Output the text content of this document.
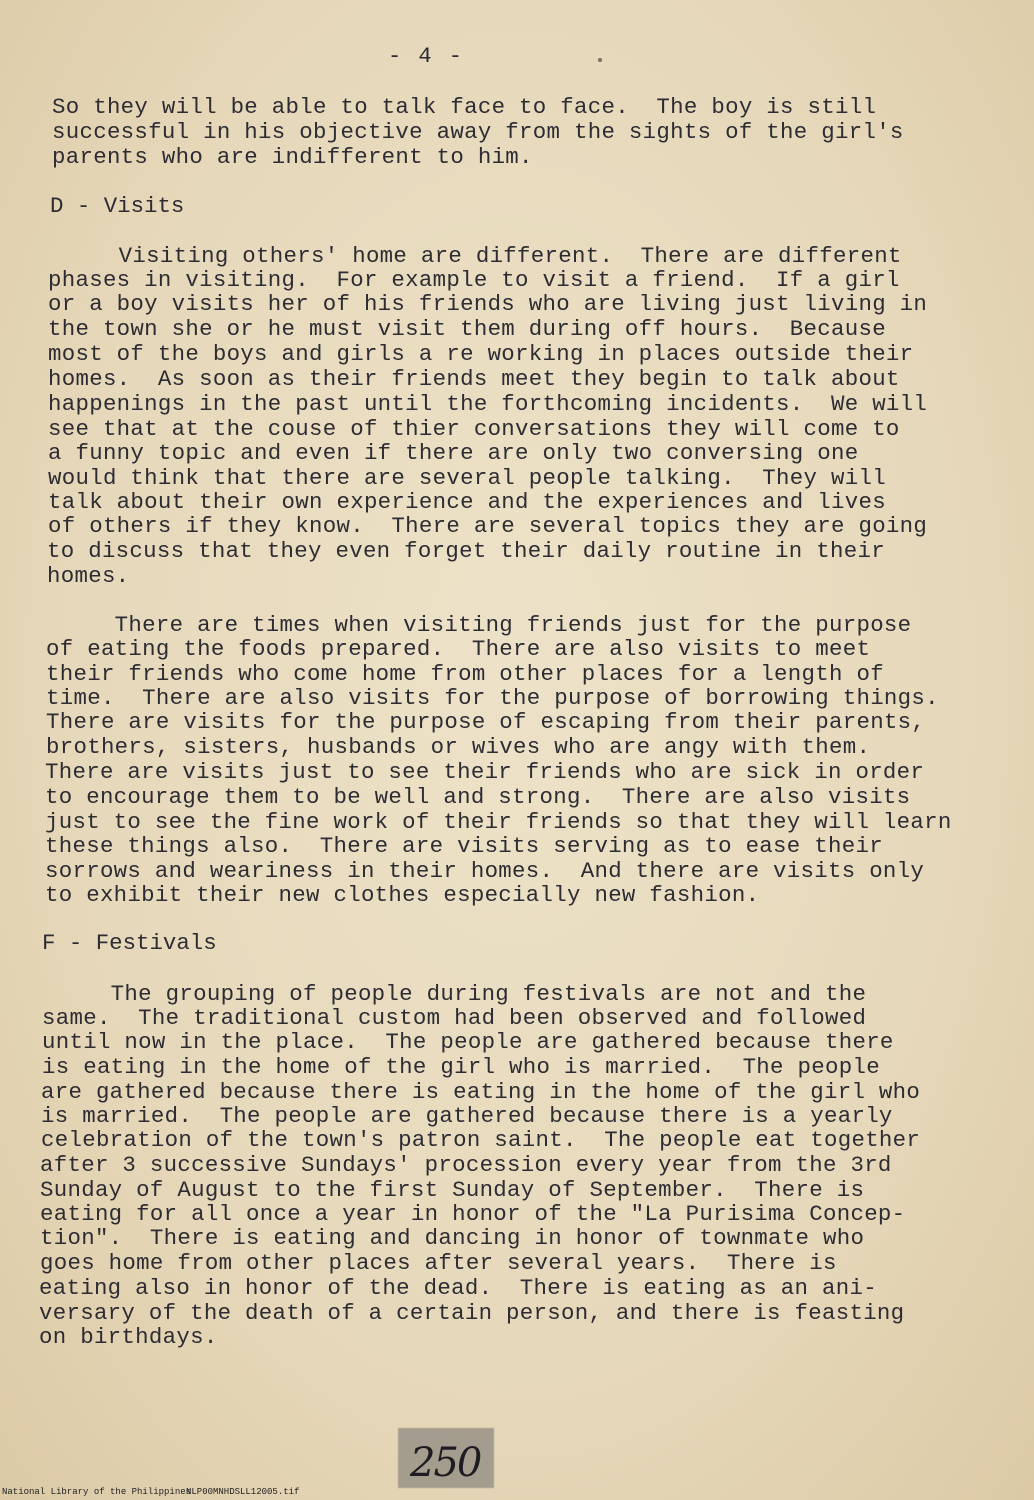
- 4 -
So they will be able to talk face to face.  The boy is still
successful in his objective away from the sights of the girl's
parents who are indifferent to him.
D - Visits
Visiting others' home are different.  There are different
phases in visiting.  For example to visit a friend.  If a girl
or a boy visits her of his friends who are living just living in
the town she or he must visit them during off hours.  Because
most of the boys and girls a re working in places outside their
homes.  As soon as their friends meet they begin to talk about
happenings in the past until the forthcoming incidents.  We will
see that at the couse of thier conversations they will come to
a funny topic and even if there are only two conversing one
would think that there are several people talking.  They will
talk about their own experience and the experiences and lives
of others if they know.  There are several topics they are going
to discuss that they even forget their daily routine in their
homes.
There are times when visiting friends just for the purpose
of eating the foods prepared.  There are also visits to meet
their friends who come home from other places for a length of
time.  There are also visits for the purpose of borrowing things.
There are visits for the purpose of escaping from their parents,
brothers, sisters, husbands or wives who are angy with them.
There are visits just to see their friends who are sick in order
to encourage them to be well and strong.  There are also visits
just to see the fine work of their friends so that they will learn
these things also.  There are visits serving as to ease their
sorrows and weariness in their homes.  And there are visits only
to exhibit their new clothes especially new fashion.
F - Festivals
The grouping of people during festivals are not and the
same.  The traditional custom had been observed and followed
until now in the place.  The people are gathered because there
is eating in the home of the girl who is married.  The people
are gathered because there is eating in the home of the girl who
is married.  The people are gathered because there is a yearly
celebration of the town's patron saint.  The people eat together
after 3 successive Sundays' procession every year from the 3rd
Sunday of August to the first Sunday of September.  There is
eating for all once a year in honor of the "La Purisima Concep-
tion".  There is eating and dancing in honor of townmate who
goes home from other places after several years.  There is
eating also in honor of the dead.  There is eating as an ani-
versary of the death of a certain person, and there is feasting
on birthdays.
250
National Library of the Philippines
NLP00MNHDSLL12005.tif
